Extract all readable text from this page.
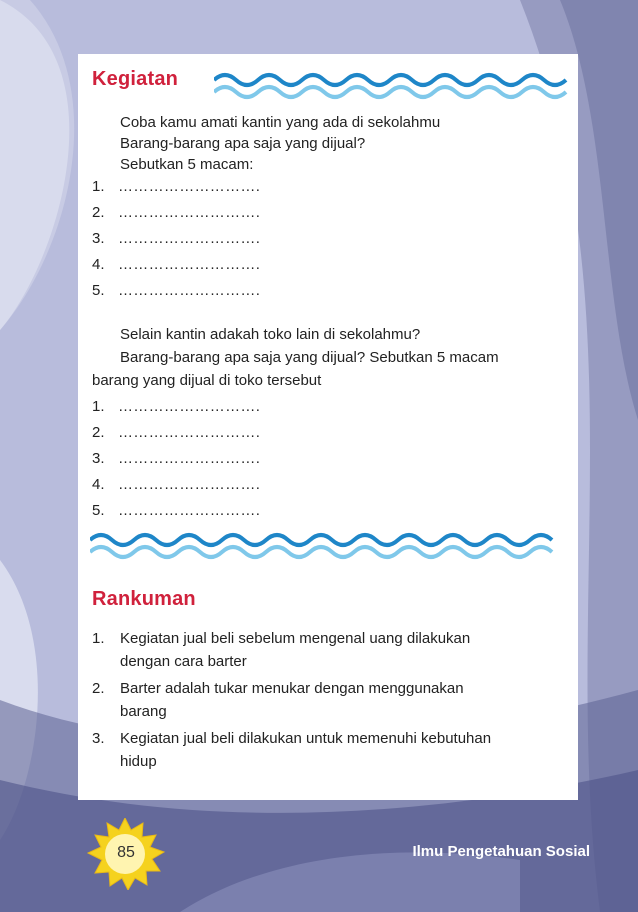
Kegiatan
Coba kamu amati kantin yang ada di sekolahmu
Barang-barang apa saja yang dijual?
Sebutkan 5 macam:
1. ……………………….
2. ……………………….
3. ……………………….
4. ……………………….
5. ……………………….
Selain kantin adakah toko lain di sekolahmu?
Barang-barang apa saja yang dijual? Sebutkan 5 macam
barang yang dijual di toko tersebut
1. ……………………….
2. ……………………….
3. ……………………….
4. ……………………….
5. ……………………….
Rankuman
1. Kegiatan jual beli sebelum mengenal uang dilakukan
dengan cara barter
2. Barter adalah tukar menukar dengan menggunakan
barang
3. Kegiatan jual beli dilakukan untuk memenuhi kebutuhan
hidup
85	Ilmu Pengetahuan Sosial
